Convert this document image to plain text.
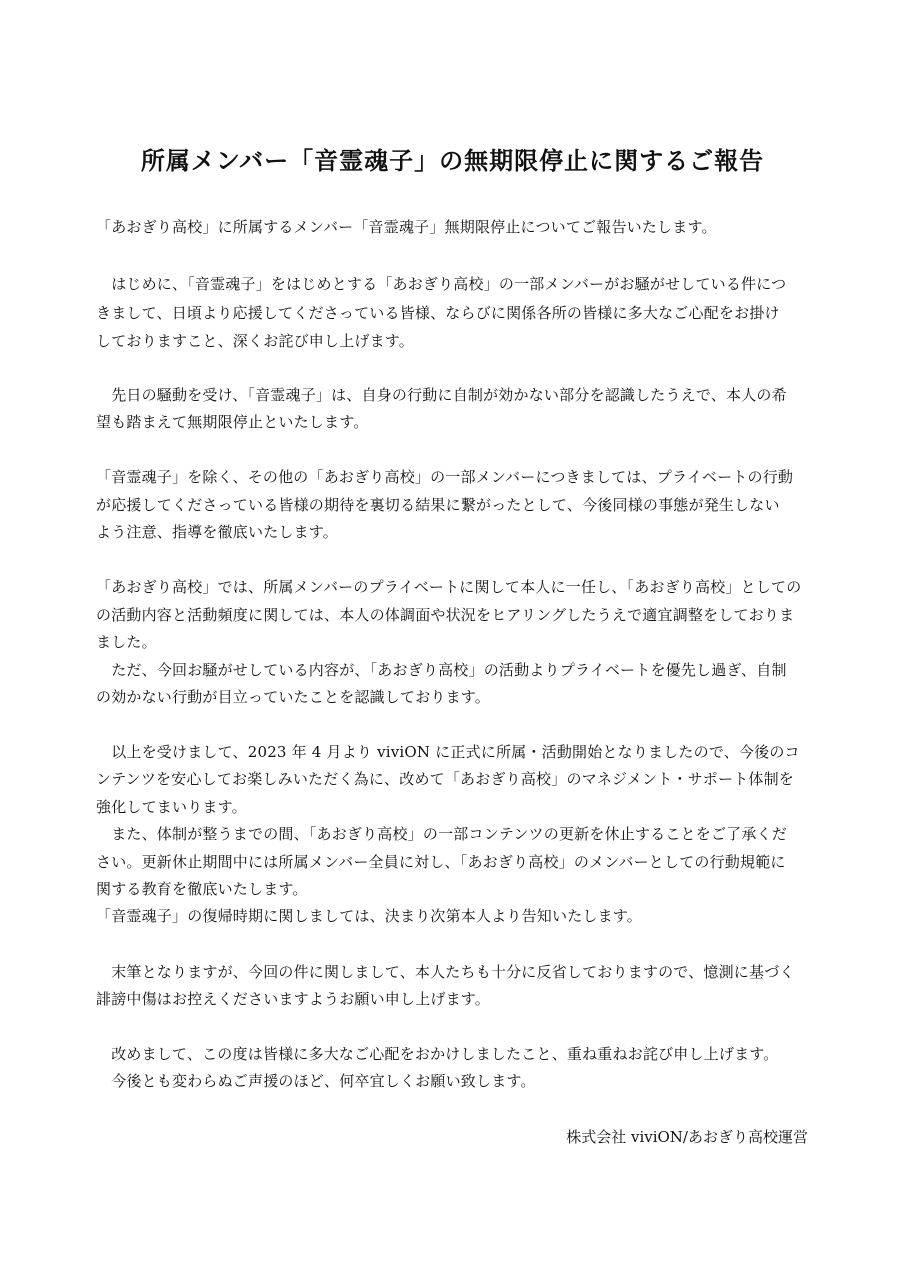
所属メンバー「音霊魂子」の無期限停止に関するご報告

「あおぎり高校」に所属するメンバー「音霊魂子」無期限停止についてご報告いたします。

　はじめに、「音霊魂子」をはじめとする「あおぎり高校」の一部メンバーがお騒がせしている件につ

きまして、日頃より応援してくださっている皆様、ならびに関係各所の皆様に多大なご心配をお掛け

しておりますこと、深くお詫び申し上げます。

　先日の騒動を受け、「音霊魂子」は、自身の行動に自制が効かない部分を認識したうえで、本人の希

望も踏まえて無期限停止といたします。

「音霊魂子」を除く、その他の「あおぎり高校」の一部メンバーにつきましては、プライベートの行動

が応援してくださっている皆様の期待を裏切る結果に繋がったとして、今後同様の事態が発生しない

よう注意、指導を徹底いたします。

「あおぎり高校」では、所属メンバーのプライベートに関して本人に一任し、「あおぎり高校」としての

の活動内容と活動頻度に関しては、本人の体調面や状況をヒアリングしたうえで適宜調整をしておりま

ました。

　ただ、今回お騒がせしている内容が、「あおぎり高校」の活動よりプライベートを優先し過ぎ、自制

の効かない行動が目立っていたことを認識しております。

　以上を受けまして、2023 年 4 月より viviON に正式に所属・活動開始となりましたので、今後のコ

ンテンツを安心してお楽しみいただく為に、改めて「あおぎり高校」のマネジメント・サポート体制を

強化してまいります。

　また、体制が整うまでの間、「あおぎり高校」の一部コンテンツの更新を休止することをご了承くだ

さい。更新休止期間中には所属メンバー全員に対し、「あおぎり高校」のメンバーとしての行動規範に

関する教育を徹底いたします。

「音霊魂子」の復帰時期に関しましては、決まり次第本人より告知いたします。

　末筆となりますが、今回の件に関しまして、本人たちも十分に反省しておりますので、憶測に基づく

誹謗中傷はお控えくださいますようお願い申し上げます。

　改めまして、この度は皆様に多大なご心配をおかけしましたこと、重ね重ねお詫び申し上げます。

　今後とも変わらぬご声援のほど、何卒宜しくお願い致します。

株式会社 viviON/あおぎり高校運営
